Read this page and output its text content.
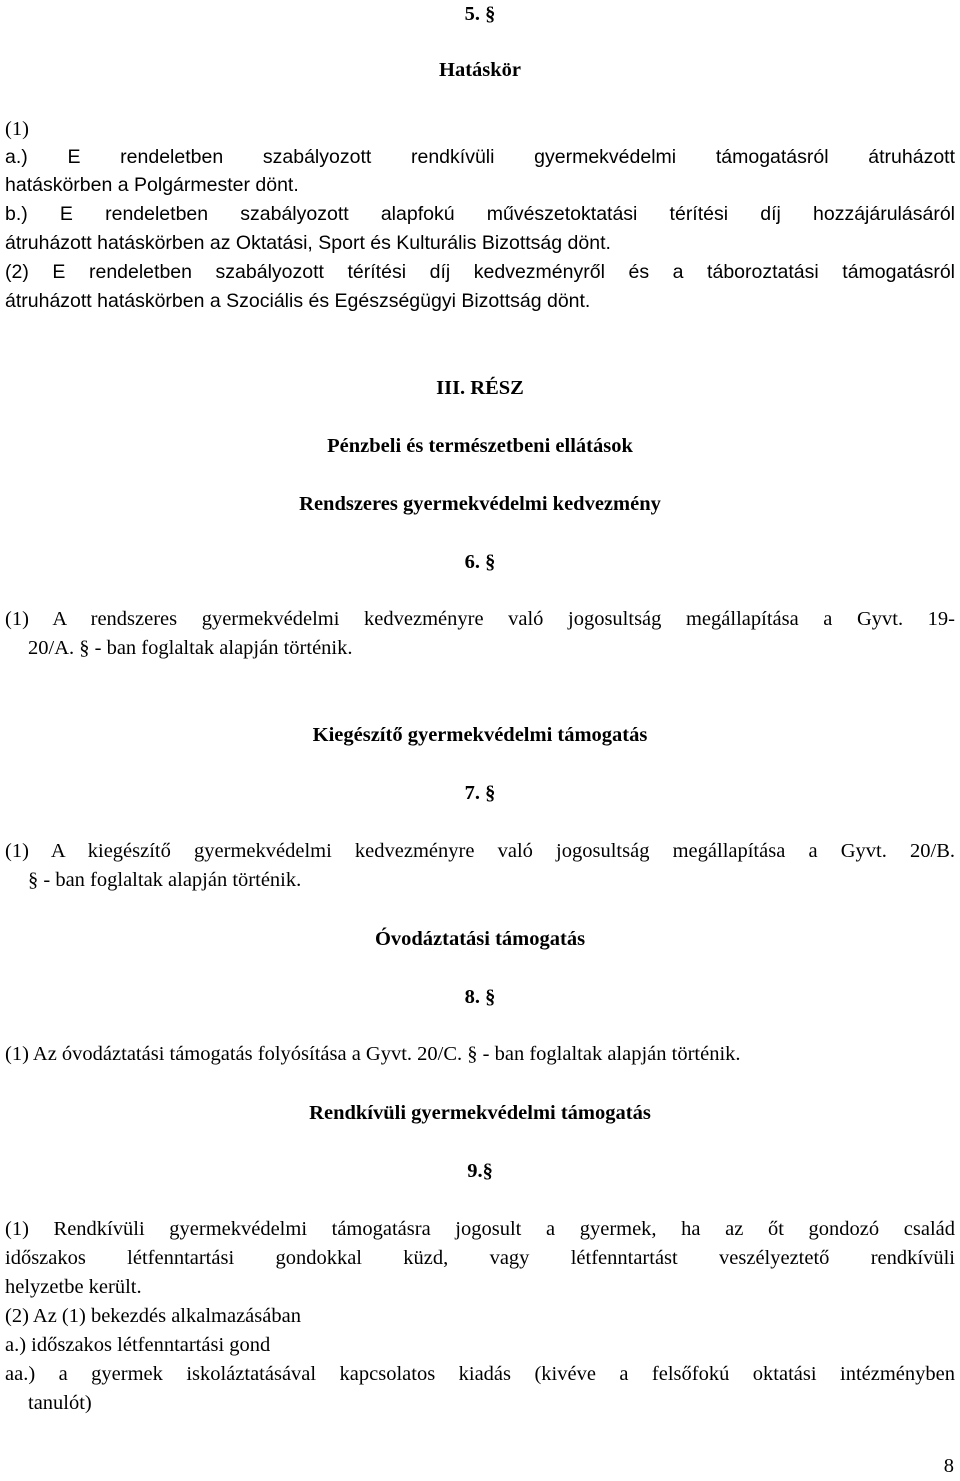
5. §

Hatáskör

(1)

a.) E rendeletben szabályozott rendkívüli gyermekvédelmi támogatásról átruházott

hatáskörben a Polgármester dönt.

b.) E rendeletben szabályozott alapfokú művészetoktatási térítési díj hozzájárulásáról

átruházott hatáskörben az Oktatási, Sport és Kulturális Bizottság dönt.

(2) E rendeletben szabályozott térítési díj kedvezményről és a táboroztatási támogatásról

átruházott hatáskörben a Szociális és Egészségügyi Bizottság dönt.

III. RÉSZ

Pénzbeli és természetbeni ellátások

Rendszeres gyermekvédelmi kedvezmény

6. §

(1) A rendszeres gyermekvédelmi kedvezményre való jogosultság megállapítása a Gyvt. 19-

20/A. § - ban foglaltak alapján történik.

Kiegészítő gyermekvédelmi támogatás

7. §

(1) A kiegészítő gyermekvédelmi kedvezményre való jogosultság megállapítása a Gyvt. 20/B.

§ - ban foglaltak alapján történik.

Óvodáztatási támogatás

8. §

(1) Az óvodáztatási támogatás folyósítása a Gyvt. 20/C. § - ban foglaltak alapján történik.

Rendkívüli gyermekvédelmi támogatás

9.§

(1) Rendkívüli gyermekvédelmi támogatásra jogosult a gyermek, ha az őt gondozó család

időszakos létfenntartási gondokkal küzd, vagy létfenntartást veszélyeztető rendkívüli

helyzetbe került.

(2) Az (1) bekezdés alkalmazásában

a.) időszakos létfenntartási gond

aa.) a gyermek iskoláztatásával kapcsolatos kiadás (kivéve a felsőfokú oktatási intézményben

tanulót)

8
